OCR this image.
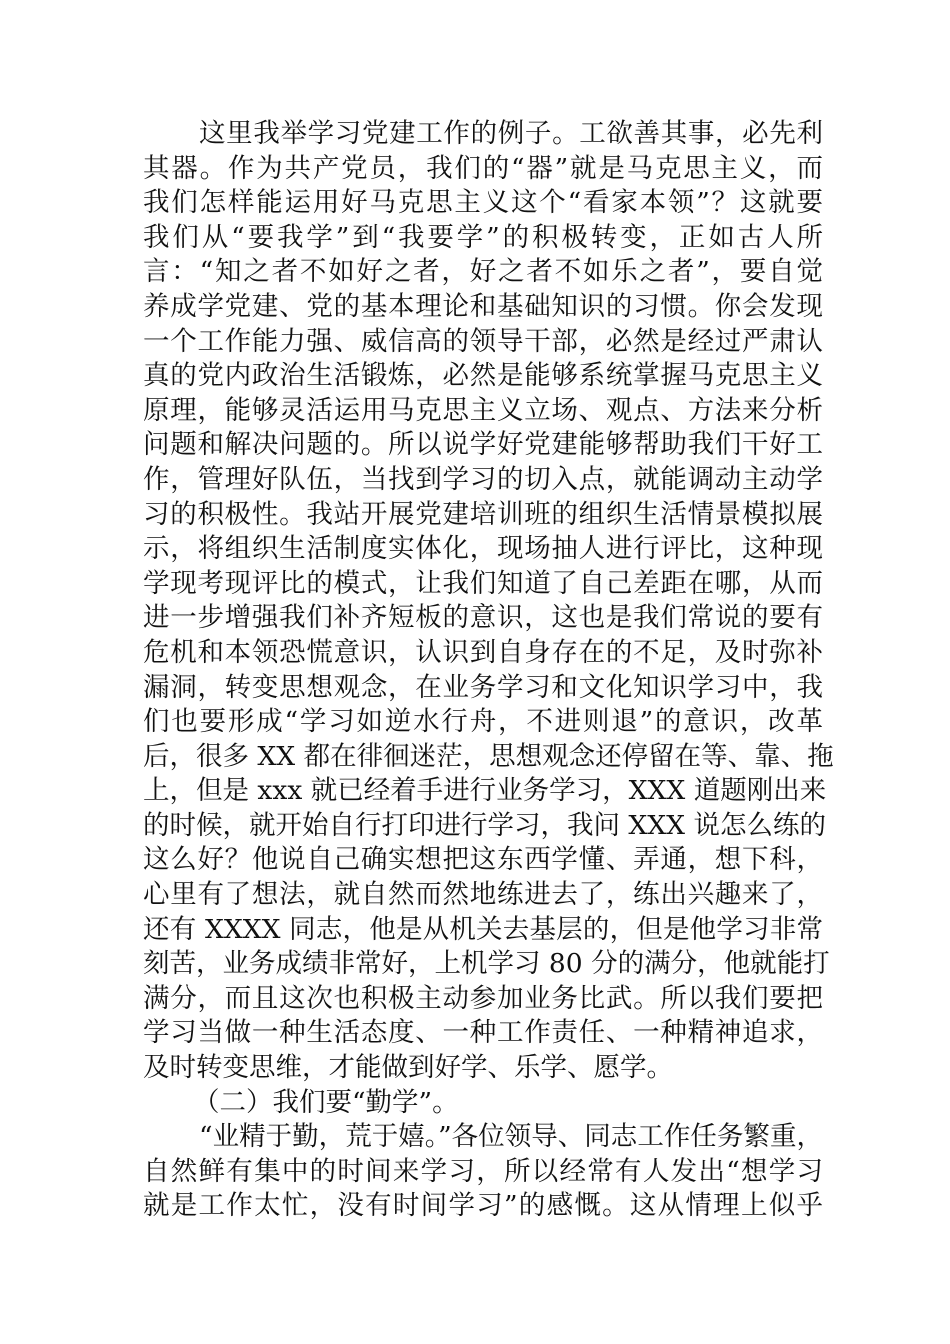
这里我举学习党建工作的例子。工欲善其事，必先利
其器。作为共产党员，我们的“器”就是马克思主义，而
我们怎样能运用好马克思主义这个“看家本领”？这就要
我们从“要我学”到“我要学”的积极转变，正如古人所
言：“知之者不如好之者，好之者不如乐之者”，要自觉
养成学党建、党的基本理论和基础知识的习惯。你会发现
一个工作能力强、威信高的领导干部，必然是经过严肃认
真的党内政治生活锻炼，必然是能够系统掌握马克思主义
原理，能够灵活运用马克思主义立场、观点、方法来分析
问题和解决问题的。所以说学好党建能够帮助我们干好工
作，管理好队伍，当找到学习的切入点，就能调动主动学
习的积极性。我站开展党建培训班的组织生活情景模拟展
示，将组织生活制度实体化，现场抽人进行评比，这种现
学现考现评比的模式，让我们知道了自己差距在哪，从而
进一步增强我们补齐短板的意识，这也是我们常说的要有
危机和本领恐慌意识，认识到自身存在的不足，及时弥补
漏洞，转变思想观念，在业务学习和文化知识学习中，我
们也要形成“学习如逆水行舟，不进则退”的意识，改革
后，很多 XX 都在徘徊迷茫，思想观念还停留在等、靠、拖
上，但是 xxx 就已经着手进行业务学习，XXX 道题刚出来
的时候，就开始自行打印进行学习，我问 XXX 说怎么练的
这么好？他说自己确实想把这东西学懂、弄通，想下科，
心里有了想法，就自然而然地练进去了，练出兴趣来了，
还有 XXXX 同志，他是从机关去基层的，但是他学习非常
刻苦，业务成绩非常好，上机学习 80 分的满分，他就能打
满分，而且这次也积极主动参加业务比武。所以我们要把
学习当做一种生活态度、一种工作责任、一种精神追求，
及时转变思维，才能做到好学、乐学、愿学。
（二）我们要“勤学”。
“业精于勤，荒于嬉。”各位领导、同志工作任务繁重，
自然鲜有集中的时间来学习，所以经常有人发出“想学习
就是工作太忙，没有时间学习”的感慨。这从情理上似乎
